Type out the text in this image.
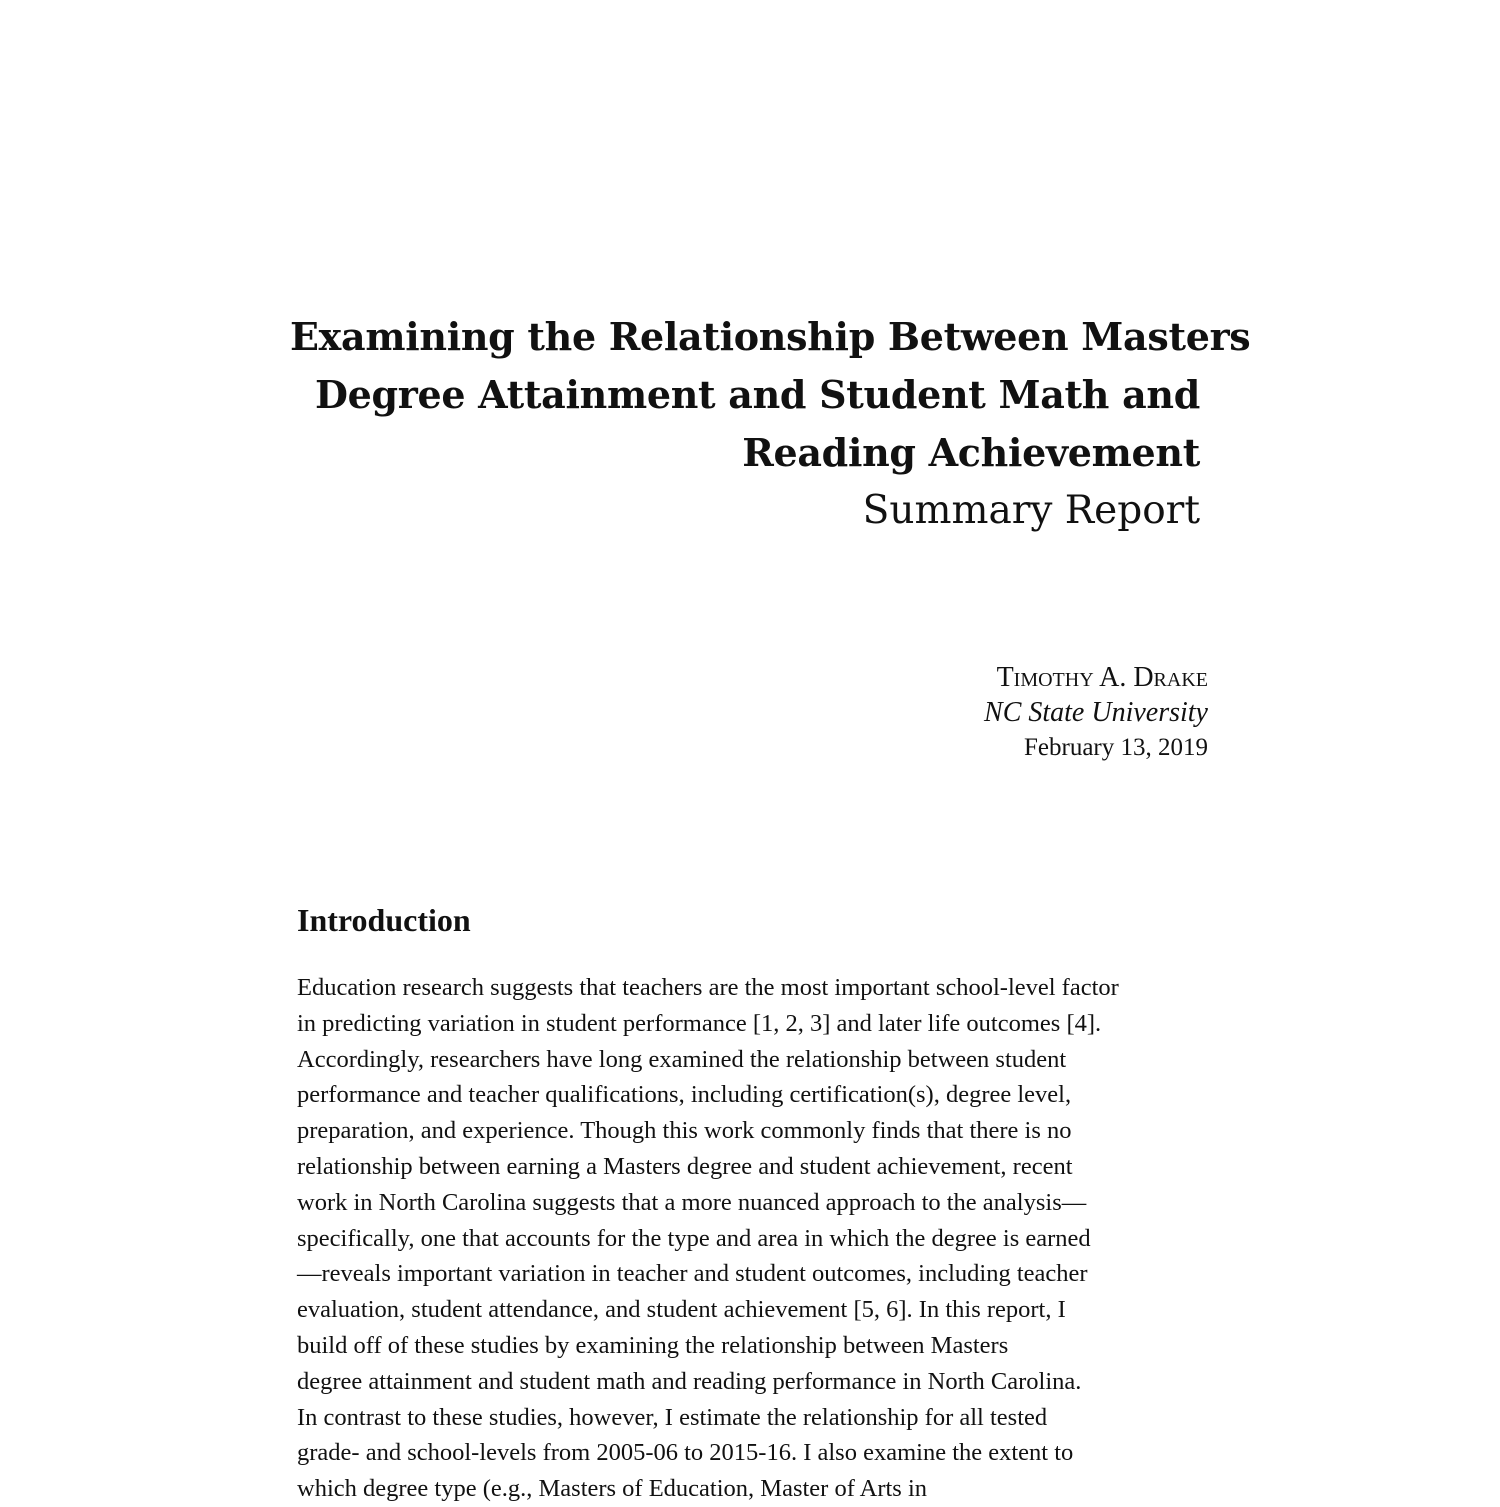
Examining the Relationship Between Masters
Degree Attainment and Student Math and
Reading Achievement
Summary Report
Timothy A. Drake
NC State University
February 13, 2019
Introduction
Education research suggests that teachers are the most important school-level factor
in predicting variation in student performance [1, 2, 3] and later life outcomes [4].
Accordingly, researchers have long examined the relationship between student
performance and teacher qualifications, including certification(s), degree level,
preparation, and experience. Though this work commonly finds that there is no
relationship between earning a Masters degree and student achievement, recent
work in North Carolina suggests that a more nuanced approach to the analysis—
specifically, one that accounts for the type and area in which the degree is earned
—reveals important variation in teacher and student outcomes, including teacher
evaluation, student attendance, and student achievement [5, 6]. In this report, I
build off of these studies by examining the relationship between Masters
degree attainment and student math and reading performance in North Carolina.
In contrast to these studies, however, I estimate the relationship for all tested
grade- and school-levels from 2005-06 to 2015-16. I also examine the extent to
which degree type (e.g., Masters of Education, Master of Arts in
